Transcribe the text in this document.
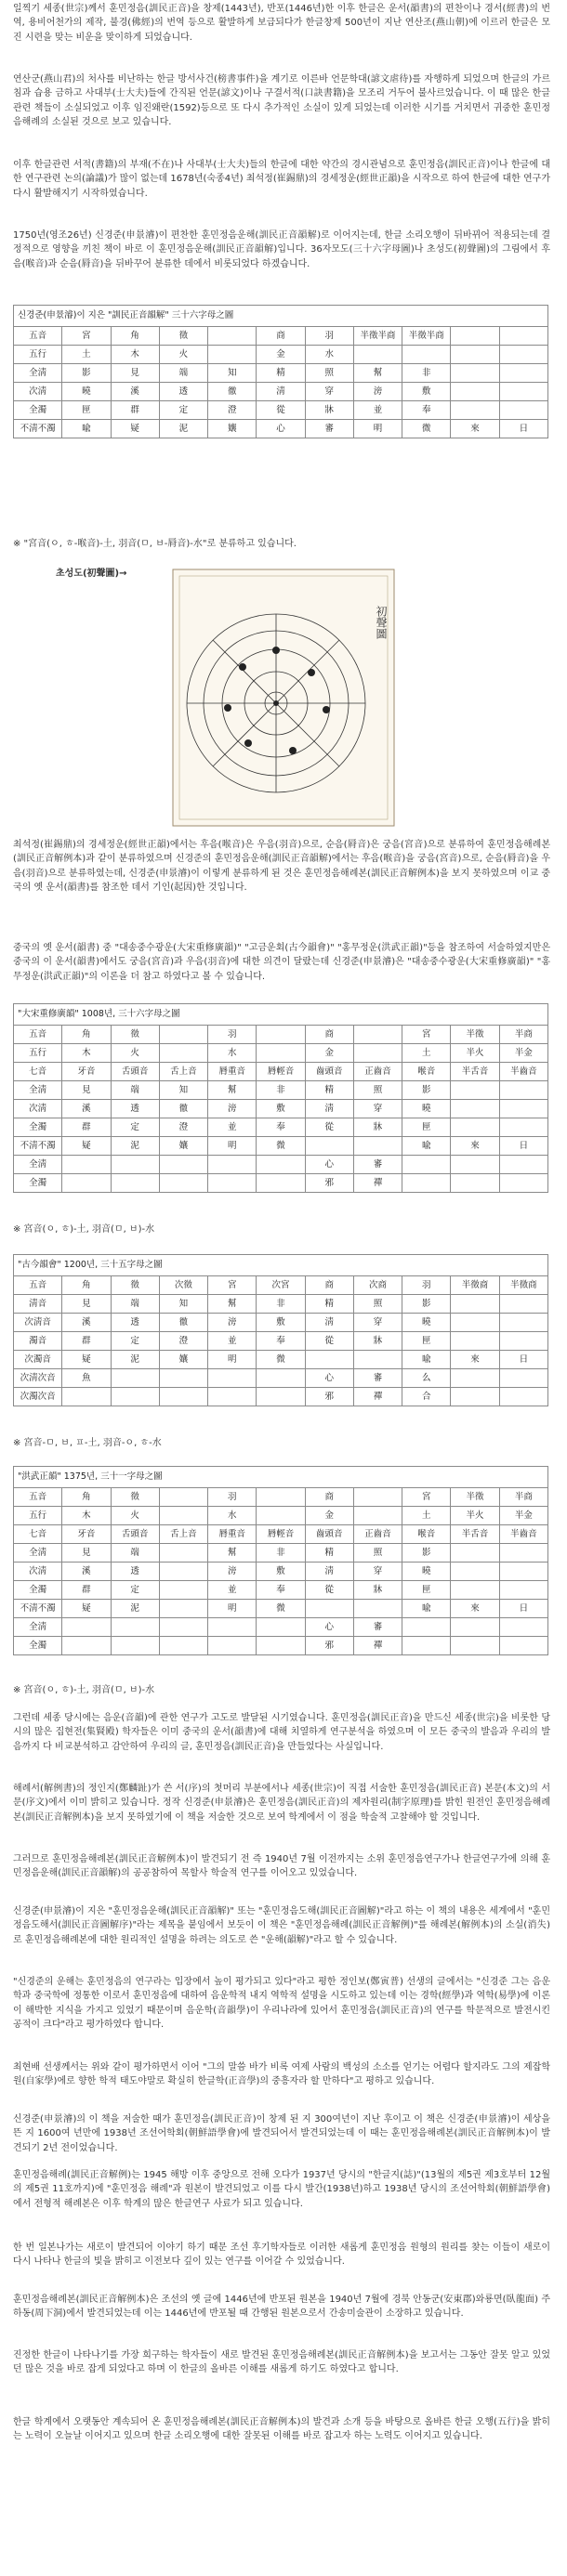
일찍기 세종(世宗)께서 훈민정음(訓民正音)을 창제(1443년), 반포(1446년)한 이후 한글은 운서(韻書)의 편찬이나 경서(經書)의 번역, 용비어천가의 제작, 불경(佛經)의 번역 등으로 활발하게 보급되다가 한글창제 500년이 지난 연산조(燕山朝)에 이르러 한글은 모진 시련을 맞는 비운을 맞이하게 되었습니다.

연산군(燕山君)의 처사를 비난하는 한글 방서사건(榜書事件)을 계기로 이른바 언문학대(諺文虐待)를 자행하게 되었으며 한글의 가르침과 습용 금하고 사대부(士大夫)들에 간직된 언문(諺文)이나 구결서적(口訣書籍)을 모조리 거두어 불사르었습니다. 이 때 많은 한글관련 책들이 소실되었고 이후 임진왜란(1592)등으로 또 다시 추가적인 소실이 있게 되었는데 이러한 시기를 거치면서 귀중한 훈민정음해례의 소실된 것으로 보고 있습니다.

이후 한글관련 서적(書籍)의 부재(不在)나 사대부(士大夫)들의 한글에 대한 약간의 경시관념으로 훈민정음(訓民正音)이나 한글에 대한 연구관련 논의(論議)가 많이 없는데 1678년(숙종4년) 최석정(崔錫鼎)의 경세정운(經世正韻)을 시작으로 하여 한글에 대한 연구가 다시 활발해지기 시작하였습니다.

1750년(영조26년) 신경준(申景濬)이 편찬한 훈민정음운해(訓民正音韻解)로 이어지는데, 한글 소리오행이 뒤바뀌어 적용되는데 결정적으로 영향을 끼친 책이 바로 이 훈민정음운해(訓民正音韻解)입니다. 36자모도(三十六字母圖)나 초성도(初聲圖)의 그림에서 후음(喉音)과 순음(脣音)을 뒤바꾸어 분류한 데에서 비롯되었다 하겠습니다.

신경준(申景濬)이 지은 "訓民正音韻解" 三十六字母之圖										
五音	宮	角	徵		商	羽	半徵半商	半徵半商		
五行	土	木	火		金	水				
全淸	影	見	端	知	精	照	幫	非		
次淸	曉	溪	透	徹	淸	穿	滂	敷		
全濁	匣	群	定	澄	從	牀	並	奉		
不淸不濁	喩	疑	泥	孃	心	審	明	微	來	日
※ "宮音(ㅇ, ㅎ-喉音)-土, 羽音(ㅁ, ㅂ-脣音)-水"로 분류하고 있습니다.
초성도(初聲圖)→
初聲圖

최석정(崔錫鼎)의 경세정운(經世正韻)에서는 후음(喉音)은 우음(羽音)으로, 순음(脣音)은 궁음(宮音)으로 분류하여 훈민정음해례본(訓民正音解例本)과 같이 분류하였으며 신경준의 훈민정음운해(訓民正音韻解)에서는 후음(喉音)을 궁음(宮音)으로, 순음(脣音)을 우음(羽音)으로 분류하였는데, 신경준(申景濬)이 이렇게 분류하게 된 것은 훈민정음해례본(訓民正音解例本)을 보지 못하였으며 이교 중국의 옛 운서(韻書)를 참조한 데서 기인(起因)한 것입니다.

중국의 옛 운서(韻書) 중 "대송중수광운(大宋重修廣韻)" "고금운회(古今韻會)" "홍무정운(洪武正韻)"등을 참조하여 서술하였지만은 중국의 이 운서(韻書)에서도 궁음(宮音)과 우음(羽音)에 대한 의견이 달랐는데 신경준(申景濬)은 "대송중수광운(大宋重修廣韻)" "홍무정운(洪武正韻)"의 이론을 더 참고 하였다고 볼 수 있습니다.

"大宋重修廣韻" 1008년, 三十六字母之圖										
五音	角	徵		羽		商		宮	半徵	半商
五行	木	火		水		金		土	半火	半金
七音	牙音	舌頭音	舌上音	脣重音	脣輕音	齒頭音	正齒音	喉音	半舌音	半齒音
全淸	見	端	知	幫	非	精	照	影		
次淸	溪	透	徹	滂	敷	淸	穿	曉		
全濁	群	定	澄	並	奉	從	牀	匣		
不淸不濁	疑	泥	孃	明	微			喩	來	日
全淸						心	審			
全濁						邪	禪			
※ 宮音(ㅇ, ㅎ)-土, 羽音(ㅁ, ㅂ)-水
"古今韻會" 1200년, 三十五字母之圖										
五音	角	徵	次徵	宮	次宮	商	次商	羽	半徵商	半徵商
淸音	見	端	知	幫	非	精	照	影		
次淸音	溪	透	徹	滂	敷	淸	穿	曉		
濁音	群	定	澄	並	奉	從	牀	匣		
次濁音	疑	泥	孃	明	微			喩	來	日
次淸次音	魚					心	審	么		
次濁次音						邪	禪	合		
※ 宮音-ㅁ, ㅂ, ㅍ-土, 羽音-ㅇ, ㅎ-水
"洪武正韻" 1375년, 三十一字母之圖										
五音	角	徵		羽		商		宮	半徵	半商
五行	木	火		水		金		土	半火	半金
七音	牙音	舌頭音	舌上音	脣重音	脣輕音	齒頭音	正齒音	喉音	半舌音	半齒音
全淸	見	端		幫	非	精	照	影		
次淸	溪	透		滂	敷	淸	穿	曉		
全濁	群	定		並	奉	從	牀	匣		
不淸不濁	疑	泥		明	微			喩	來	日
全淸						心	審			
全濁						邪	禪			
※ 宮音(ㅇ, ㅎ)-土, 羽音(ㅁ, ㅂ)-水

그런데 세종 당시에는 음운(音韻)에 관한 연구가 고도로 발달된 시기였습니다. 훈민정음(訓民正音)을 만드신 세종(世宗)을 비롯한 당시의 많은 집현전(集賢殿) 학자들은 이미 중국의 운서(韻書)에 대해 치열하게 연구분석을 하였으며 이 모든 중국의 발음과 우리의 발음까지 다 비교분석하고 감안하여 우리의 글, 훈민정음(訓民正音)을 만들었다는 사실입니다.

해례서(解例書)의 정인지(鄭麟趾)가 쓴 서(序)의 첫머리 부분에서나 세종(世宗)이 직접 서술한 훈민정음(訓民正音) 본문(本文)의 서문(序文)에서 이미 밝히고 있습니다. 정작 신경준(申景濬)은 훈민정음(訓民正音)의 제자원리(制字原理)를 밝힌 원전인 훈민정음해례본(訓民正音解例本)을 보지 못하였기에 이 책을 저술한 것으로 보여 학계에서 이 점을 학술적 고찰해야 할 것입니다.

그러므로 훈민정음해례본(訓民正音解例本)이 발견되기 전 즉 1940년 7월 이전까지는 소위 훈민정음연구가나 한글연구가에 의해 훈민정음운해(訓民正音韻解)의 공공참하여 목할사 학술적 연구를 이어오고 있었습니다.

신경준(申景濬)이 지은 "훈민정음운해(訓民正音韻解)" 또는 "훈민정음도해(訓民正音圖解)"라고 하는 이 책의 내용은 세계에서 "훈민정음도해서(訓民正音圖解序)"라는 제목을 붙임에서 보듯이 이 책은 "훈민정음해례(訓民正音解例)"를 해례본(解例本)의 소실(消失)로 훈민정음해례본에 대한 원리적인 설명을 하려는 의도로 쓴 "운해(韻解)"라고 할 수 있습니다.

"신경준의 운해는 훈민정음의 연구라는 입장에서 높이 평가되고 있다"라고 평한 정인보(鄭寅普) 선생의 글에서는 "신경준 그는 음운학과 중국학에 정통한 이로서 훈민정음에 대하여 음운학적 내지 역학적 설명을 시도하고 있는데 이는 경학(經學)과 역학(易學)에 이론이 해박한 지식을 가지고 있었기 때문이며 음운학(音韻學)이 우리나라에 있어서 훈민정음(訓民正音)의 연구를 학문적으로 발전시킨 공적이 크다"라고 평가하였다 합니다.

최현배 선생께서는 위와 같이 평가하면서 이어 "그의 말씀 바가 비록 여제 사람의 백성의 소소를 얻기는 어렵다 할지라도 그의 제잡학원(自家學)에로 향한 학적 태도야말로 확실히 한글학(正音學)의 중흥자라 할 만하다"고 평하고 있습니다.

신경준(申景濬)의 이 책을 저술한 때가 훈민정음(訓民正音)이 창제 된 지 300여년이 지난 후이고 이 책은 신경준(申景濬)이 세상을 뜬 지 1600여 년만에 1938년 조선어학회(朝鮮語學會)에 발견되어서 발견되었는데 이 때는 훈민정음해례본(訓民正音解例本)이 발견되기 2년 전이었습니다.

훈민정음해례(訓民正音解例)는 1945 해방 이후 중앙으로 전해 오다가 1937년 당시의 "한글지(誌)"(13월의 제5권 제3호부터 12월의 제5권 11호까지)에 "훈민정음 해례"과 원본이 발견되었고 이를 다시 발간(1938년)하고 1938년 당시의 조선어학회(朝鮮語學會)에서 전형적 해례본은 이후 학계의 많은 한글연구 사료가 되고 있습니다.

한 번 일본나가는 새로이 발견되어 이야기 하기 때문 조선 후기학자들로 이러한 새롭게 훈민정음 원형의 원리를 찾는 이들이 새로이 다시 나타나 한글의 빛을 밝히고 이전보다 깊이 있는 연구를 이어갈 수 있었습니다.

훈민정음해례본(訓民正音解例本)은 조선의 옛 글에 1446년에 반포된 원본을 1940년 7월에 경북 안동군(安東郡)와룡면(臥龍面) 주하동(周下洞)에서 발견되었는데 이는 1446년에 반포될 때 간행된 원본으로서 간송미술관이 소장하고 있습니다.

진정한 한글이 나타나기를 가장 희구하는 학자들이 새로 발견된 훈민정음해례본(訓民正音解例本)을 보고서는 그동안 잘못 알고 있었던 많은 것을 바로 잡게 되었다고 하며 이 한글의 올바른 이해를 새롭게 하기도 하였다고 합니다.

한글 학계에서 오랫동안 계속되어 온 훈민정음해례본(訓民正音解例本)의 발견과 소개 등을 바탕으로 올바른 한글 오행(五行)을 밝히는 노력이 오늘날 이어지고 있으며 한글 소리오행에 대한 잘못된 이해를 바로 잡고자 하는 노력도 이어지고 있습니다.
